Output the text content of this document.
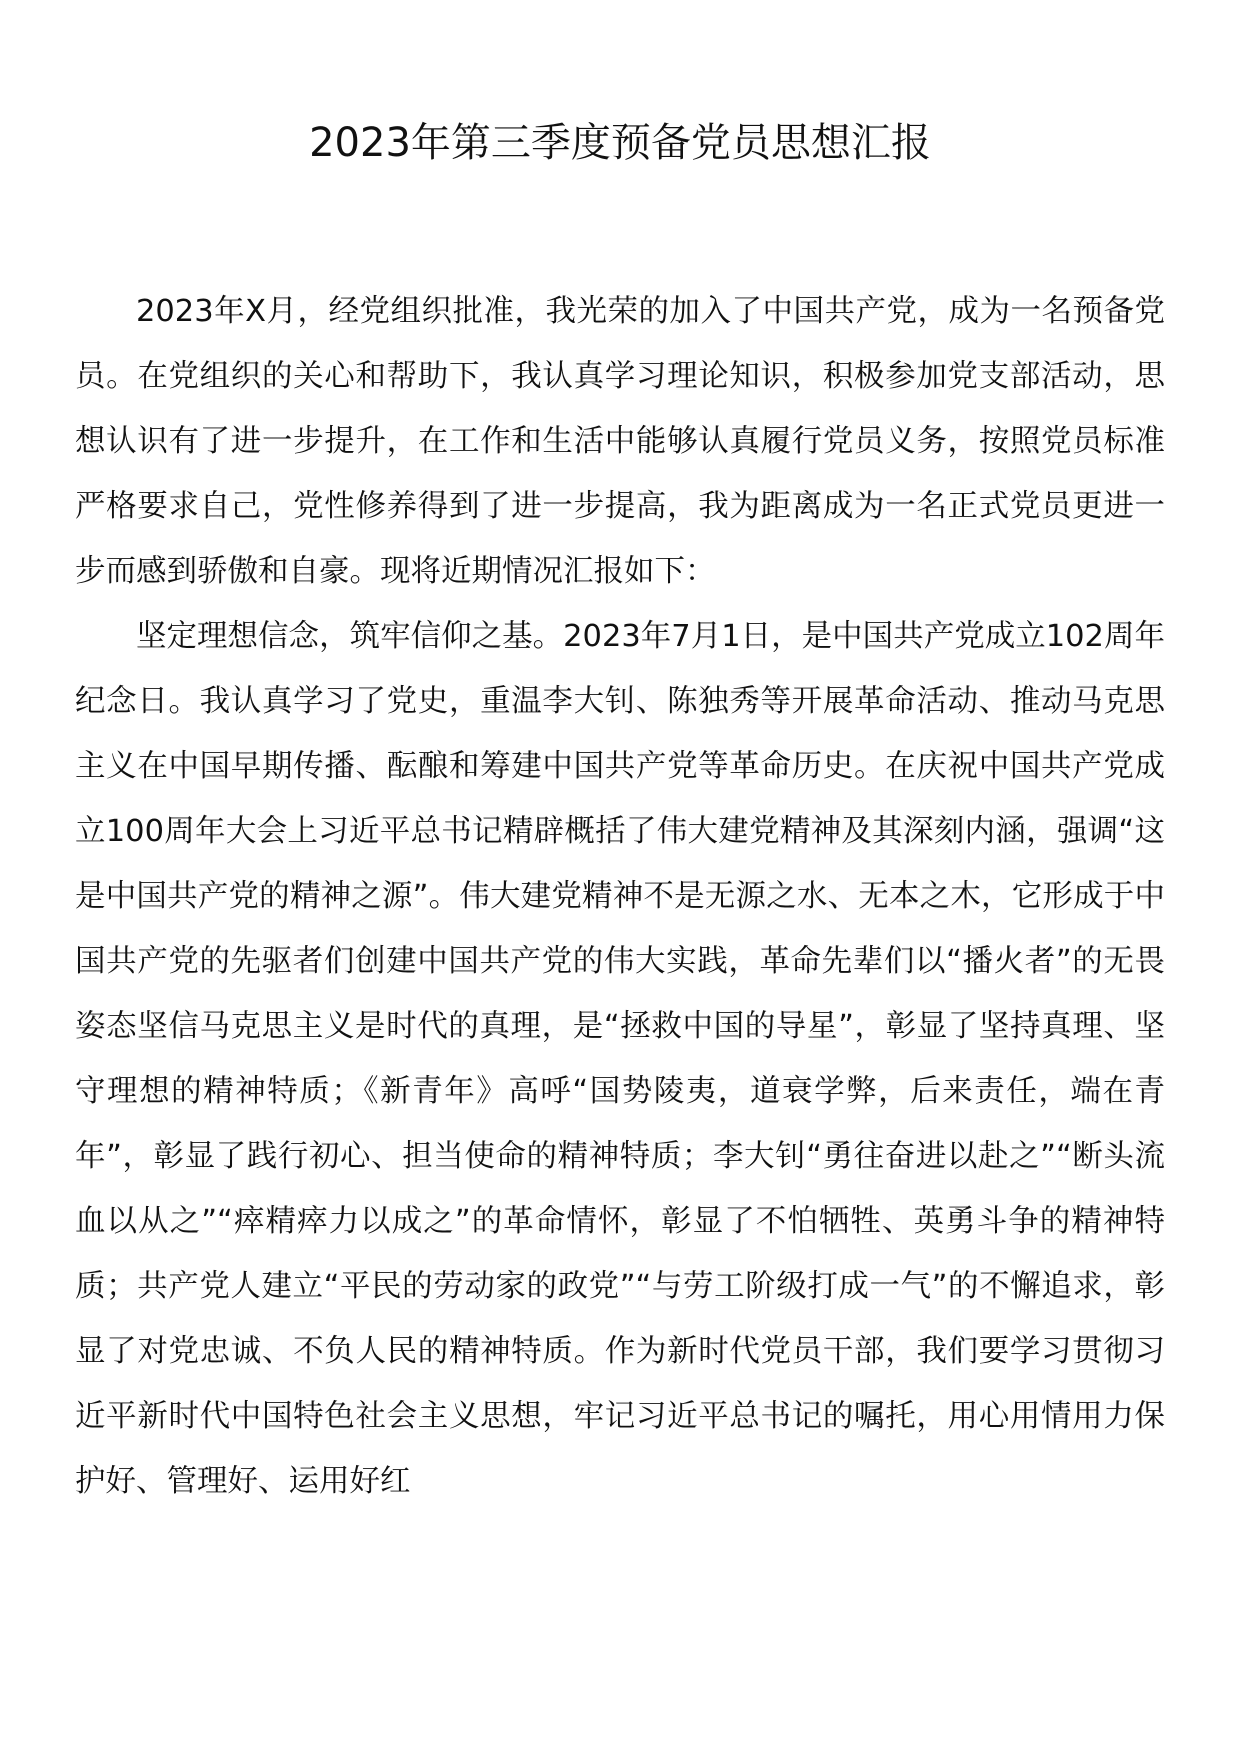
2023年第三季度预备党员思想汇报

2023年X月，经党组织批准，我光荣的加入了中国共产党，成为一名预备党员。在党组织的关心和帮助下，我认真学习理论知识，积极参加党支部活动，思想认识有了进一步提升，在工作和生活中能够认真履行党员义务，按照党员标准严格要求自己，党性修养得到了进一步提高，我为距离成为一名正式党员更进一步而感到骄傲和自豪。现将近期情况汇报如下：

坚定理想信念，筑牢信仰之基。2023年7月1日，是中国共产党成立102周年纪念日。我认真学习了党史，重温李大钊、陈独秀等开展革命活动、推动马克思主义在中国早期传播、酝酿和筹建中国共产党等革命历史。在庆祝中国共产党成立100周年大会上习近平总书记精辟概括了伟大建党精神及其深刻内涵，强调“这是中国共产党的精神之源”。伟大建党精神不是无源之水、无本之木，它形成于中国共产党的先驱者们创建中国共产党的伟大实践，革命先辈们以“播火者”的无畏姿态坚信马克思主义是时代的真理，是“拯救中国的导星”，彰显了坚持真理、坚守理想的精神特质；《新青年》高呼“国势陵夷，道衰学弊，后来责任，端在青年”，彰显了践行初心、担当使命的精神特质；李大钊“勇往奋进以赴之”“断头流血以从之”“瘁精瘁力以成之”的革命情怀，彰显了不怕牺牲、英勇斗争的精神特质；共产党人建立“平民的劳动家的政党”“与劳工阶级打成一气”的不懈追求，彰显了对党忠诚、不负人民的精神特质。作为新时代党员干部，我们要学习贯彻习近平新时代中国特色社会主义思想，牢记习近平总书记的嘱托，用心用情用力保护好、管理好、运用好红
